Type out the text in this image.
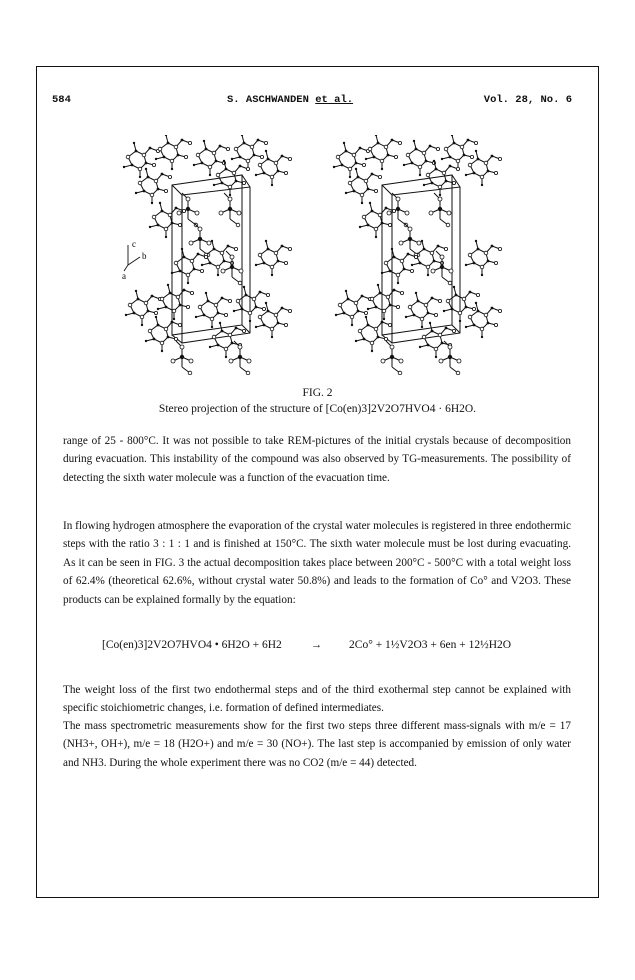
584	S. ASCHWANDEN et al.	Vol. 28, No. 6
c
b
a
FIG. 2
Stereo projection of the structure of [Co(en)3]2V2O7HVO4 · 6H2O.
range of 25 - 800°C. It was not possible to take REM-pictures of the initial crystals because of decomposition during evacuation. This instability of the compound was also observed by TG-measurements. The possibility of detecting the sixth water molecule was a function of the evacuation time.
In flowing hydrogen atmosphere the evaporation of the crystal water molecules is registered in three endothermic steps with the ratio 3 : 1 : 1 and is finished at 150°C. The sixth water molecule must be lost during evacuating. As it can be seen in FIG. 3 the actual decomposition takes place between 200°C - 500°C with a total weight loss of 62.4% (theoretical 62.6%, without crystal water 50.8%) and leads to the formation of Co° and V2O3. These products can be explained formally by the equation:
[Co(en)3]2V2O7HVO4 • 6H2O + 6H2	→ 2Co° + 1½V2O3 + 6en + 12½H2O
The weight loss of the first two endothermal steps and of the third exothermal step cannot be explained with specific stoichiometric changes, i.e. formation of defined intermediates.
The mass spectrometric measurements show for the first two steps three different mass-signals with m/e = 17 (NH3+, OH+), m/e = 18 (H2O+) and m/e = 30 (NO+). The last step is accompanied by emission of only water and NH3. During the whole experiment there was no CO2 (m/e = 44) detected.
